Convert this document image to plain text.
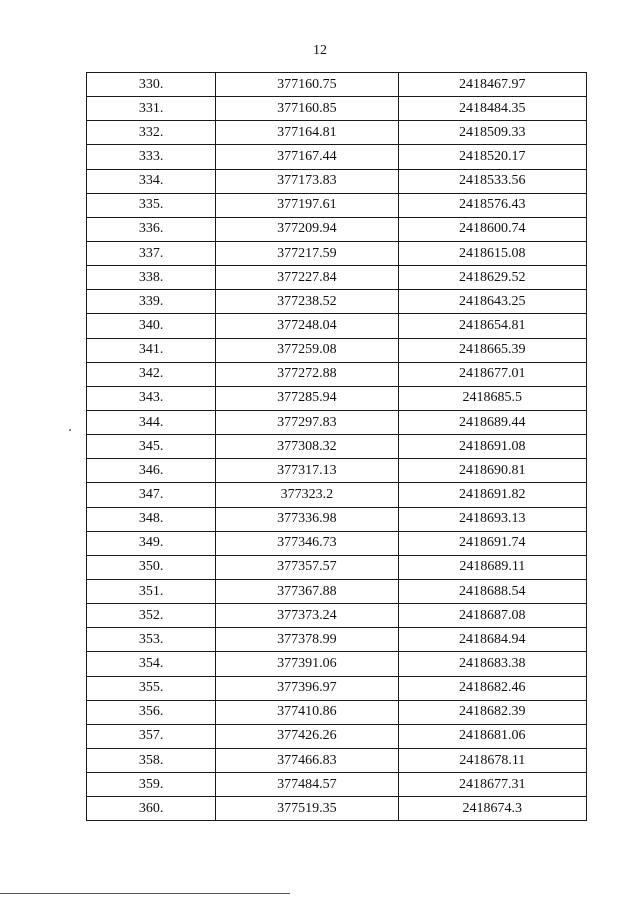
12
330.	377160.75	2418467.97
331.	377160.85	2418484.35
332.	377164.81	2418509.33
333.	377167.44	2418520.17
334.	377173.83	2418533.56
335.	377197.61	2418576.43
336.	377209.94	2418600.74
337.	377217.59	2418615.08
338.	377227.84	2418629.52
339.	377238.52	2418643.25
340.	377248.04	2418654.81
341.	377259.08	2418665.39
342.	377272.88	2418677.01
343.	377285.94	2418685.5
344.	377297.83	2418689.44
345.	377308.32	2418691.08
346.	377317.13	2418690.81
347.	377323.2	2418691.82
348.	377336.98	2418693.13
349.	377346.73	2418691.74
350.	377357.57	2418689.11
351.	377367.88	2418688.54
352.	377373.24	2418687.08
353.	377378.99	2418684.94
354.	377391.06	2418683.38
355.	377396.97	2418682.46
356.	377410.86	2418682.39
357.	377426.26	2418681.06
358.	377466.83	2418678.11
359.	377484.57	2418677.31
360.	377519.35	2418674.3
